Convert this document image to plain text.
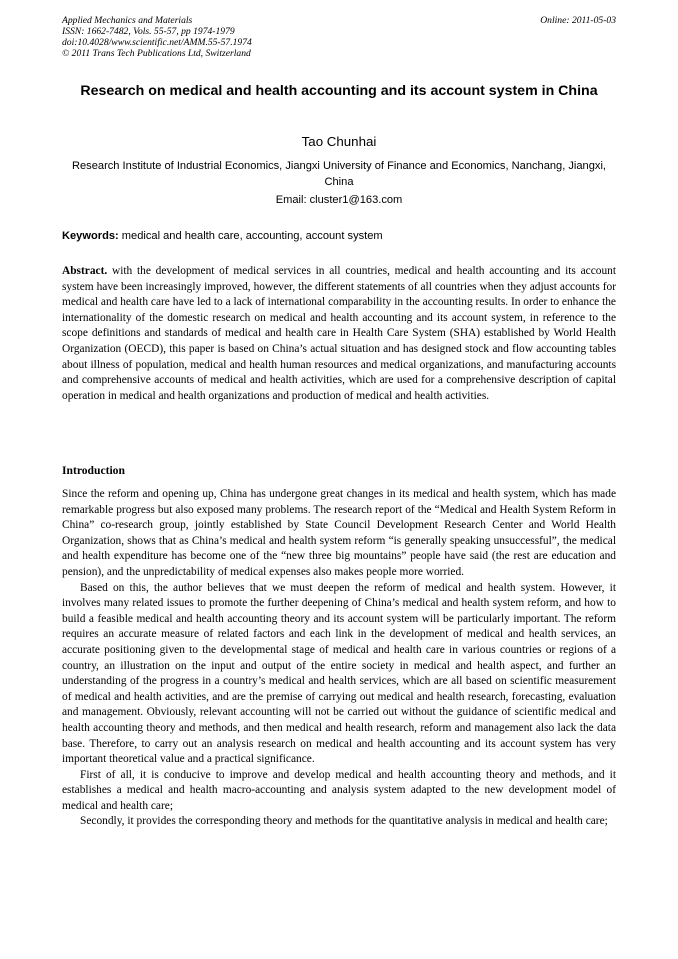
Applied Mechanics and Materials
ISSN: 1662-7482, Vols. 55-57, pp 1974-1979
doi:10.4028/www.scientific.net/AMM.55-57.1974
© 2011 Trans Tech Publications Ltd, Switzerland
Online: 2011-05-03
Research on medical and health accounting and its account system in China
Tao Chunhai
Research Institute of Industrial Economics, Jiangxi University of Finance and Economics, Nanchang, Jiangxi, China
Email: cluster1@163.com
Keywords: medical and health care, accounting, account system
Abstract. with the development of medical services in all countries, medical and health accounting and its account system have been increasingly improved, however, the different statements of all countries when they adjust accounts for medical and health care have led to a lack of international comparability in the accounting results. In order to enhance the internationality of the domestic research on medical and health accounting and its account system, in reference to the scope definitions and standards of medical and health care in Health Care System (SHA) established by World Health Organization (OECD), this paper is based on China’s actual situation and has designed stock and flow accounting tables about illness of population, medical and health human resources and medical organizations, and manufacturing accounts and comprehensive accounts of medical and health activities, which are used for a comprehensive description of capital operation in medical and health organizations and production of medical and health activities.
Introduction

Since the reform and opening up, China has undergone great changes in its medical and health system, which has made remarkable progress but also exposed many problems. The research report of the “Medical and Health System Reform in China” co-research group, jointly established by State Council Development Research Center and World Health Organization, shows that as China’s medical and health system reform “is generally speaking unsuccessful”, the medical and health expenditure has become one of the “new three big mountains” people have said (the rest are education and pension), and the unpredictability of medical expenses also makes people more worried.

Based on this, the author believes that we must deepen the reform of medical and health system. However, it involves many related issues to promote the further deepening of China’s medical and health system reform, and how to build a feasible medical and health accounting theory and its account system will be particularly important. The reform requires an accurate measure of related factors and each link in the development of medical and health services, an accurate positioning given to the developmental stage of medical and health care in various countries or regions of a country, an illustration on the input and output of the entire society in medical and health aspect, and further an understanding of the progress in a country’s medical and health services, which are all based on scientific measurement of medical and health activities, and are the premise of carrying out medical and health research, forecasting, evaluation and management. Obviously, relevant accounting will not be carried out without the guidance of scientific medical and health accounting theory and methods, and then medical and health research, reform and management also lack the data base. Therefore, to carry out an analysis research on medical and health accounting and its account system has very important theoretical value and a practical significance.

First of all, it is conducive to improve and develop medical and health accounting theory and methods, and it establishes a medical and health macro-accounting and analysis system adapted to the new development model of medical and health care;

Secondly, it provides the corresponding theory and methods for the quantitative analysis in medical and health care;
